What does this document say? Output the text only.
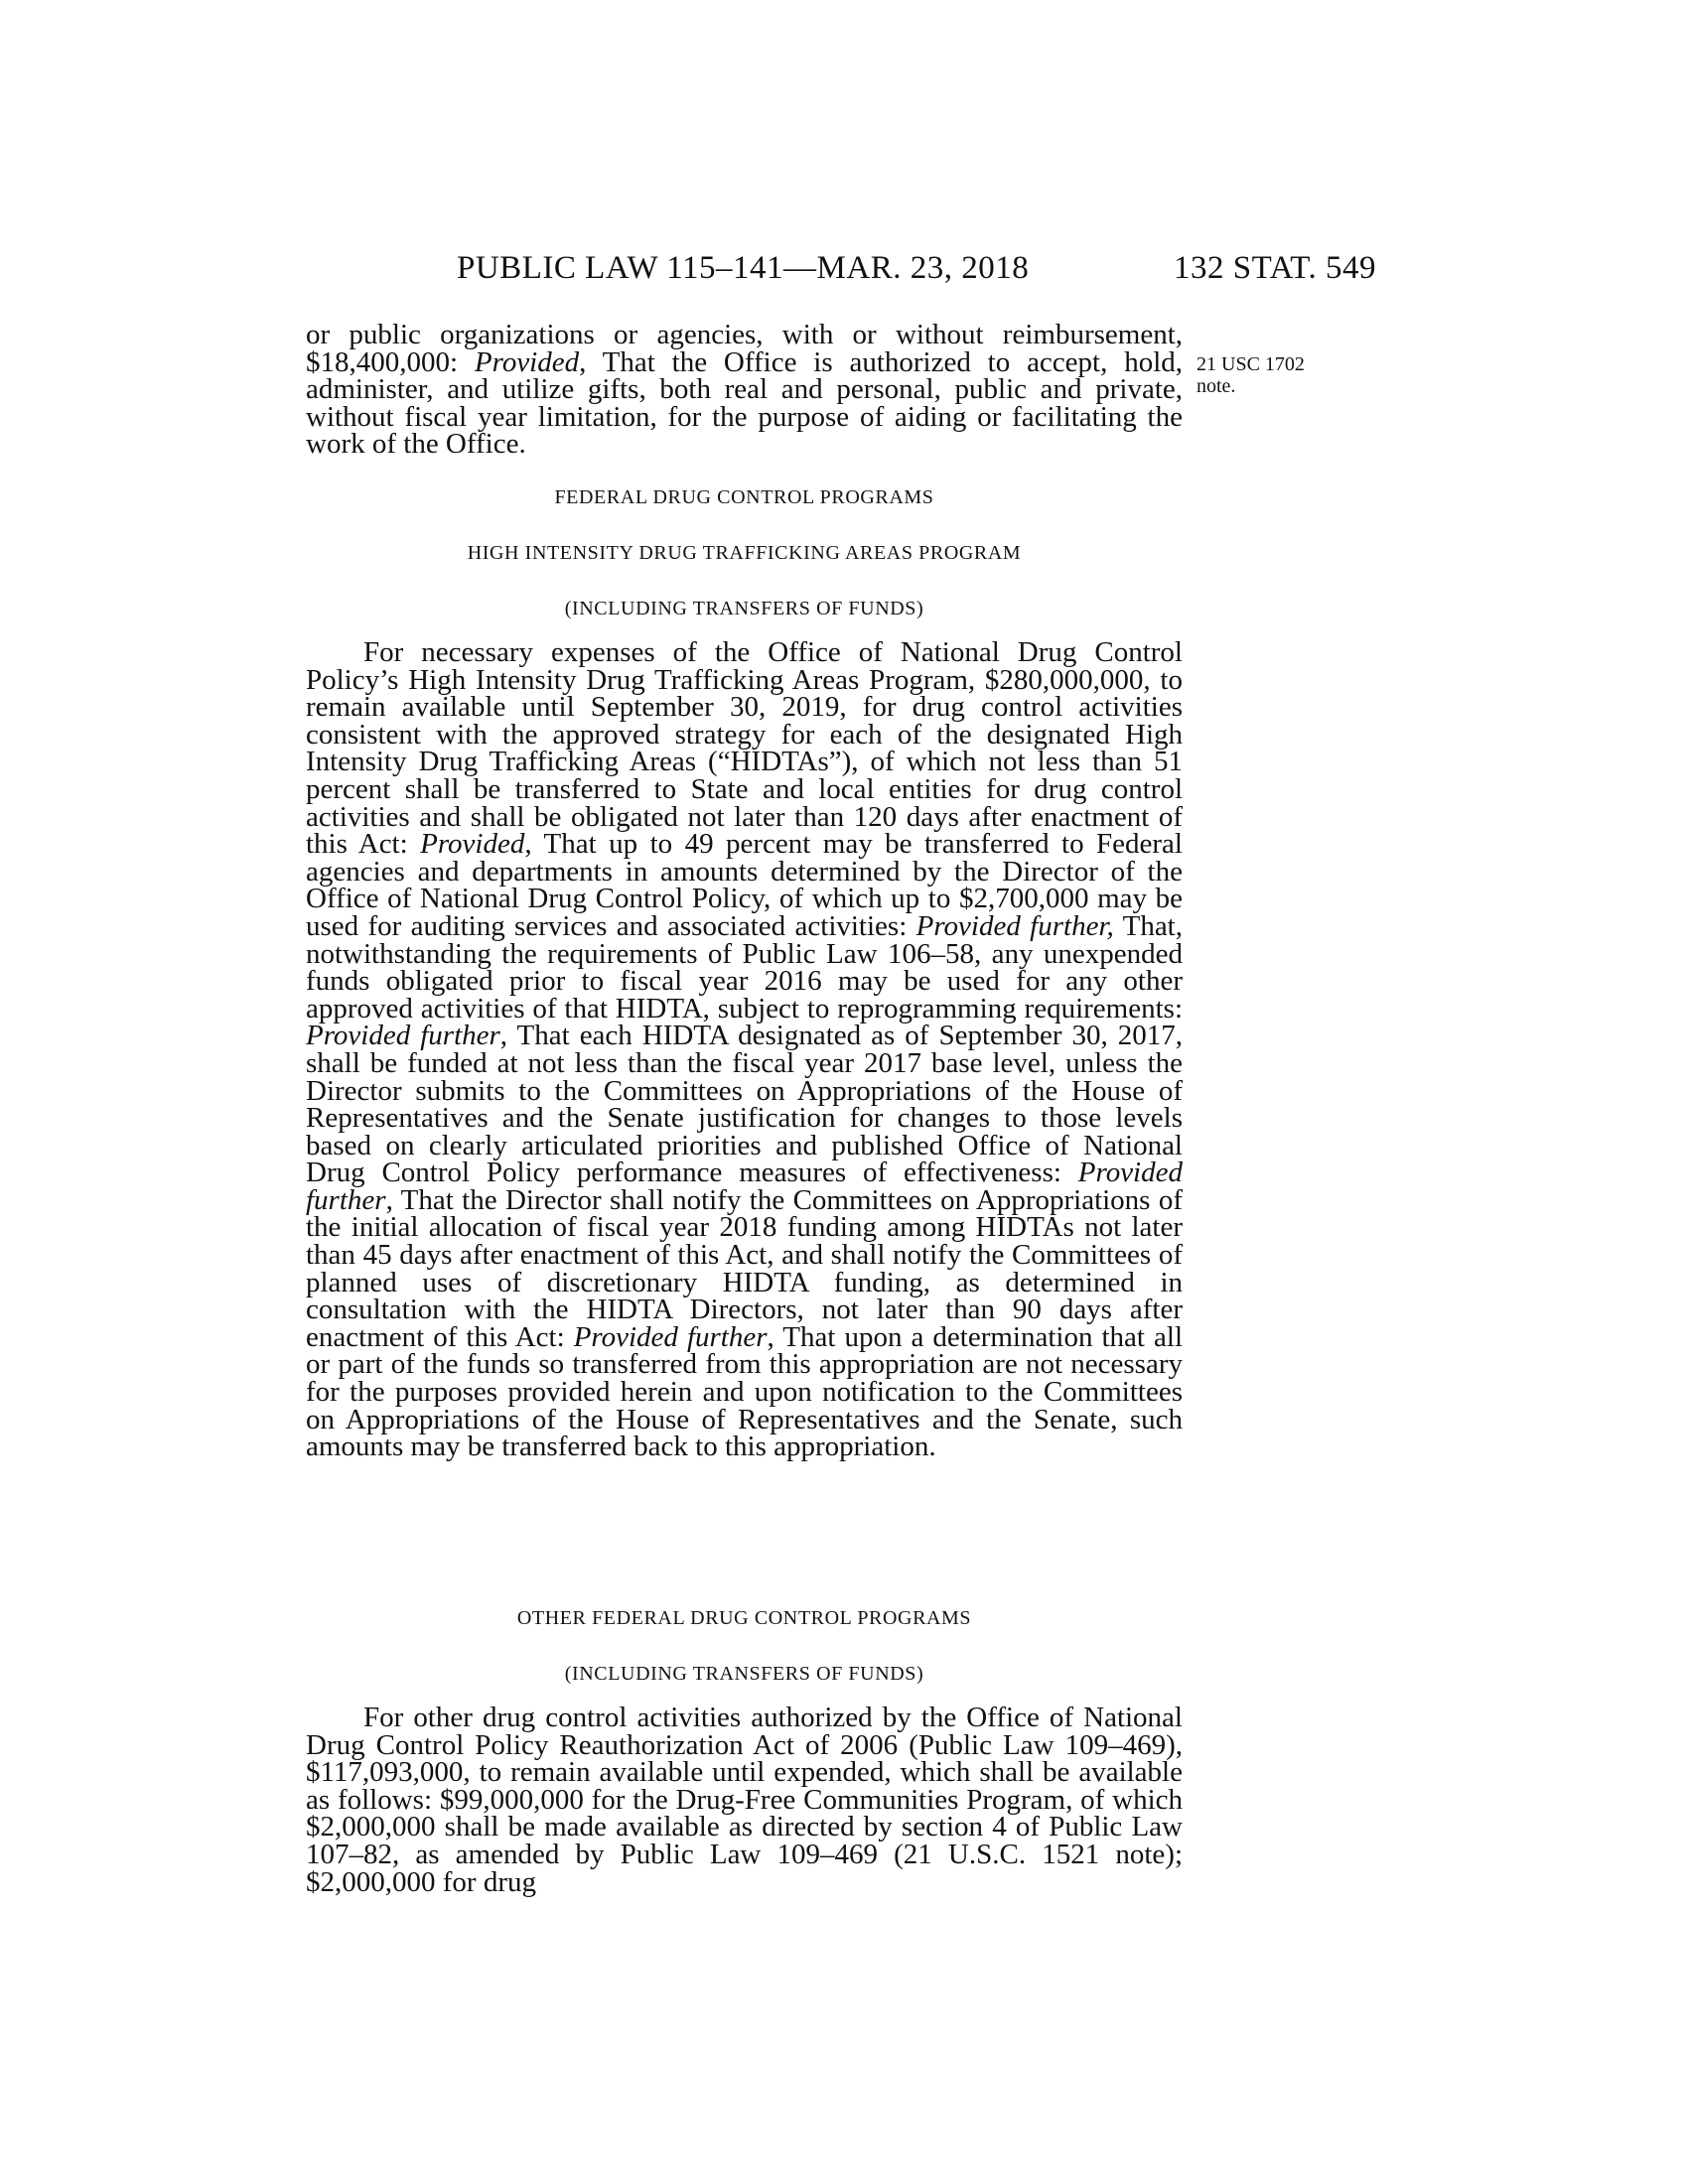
PUBLIC LAW 115–141—MAR. 23, 2018	132 STAT. 549
21 USC 1702
note.

or public organizations or agencies, with or without reimbursement, $18,400,000: Provided, That the Office is authorized to accept, hold, administer, and utilize gifts, both real and personal, public and private, without fiscal year limitation, for the purpose of aiding or facilitating the work of the Office.

FEDERAL DRUG CONTROL PROGRAMS
HIGH INTENSITY DRUG TRAFFICKING AREAS PROGRAM
(INCLUDING TRANSFERS OF FUNDS)

For necessary expenses of the Office of National Drug Control Policy’s High Intensity Drug Trafficking Areas Program, $280,000,000, to remain available until September 30, 2019, for drug control activities consistent with the approved strategy for each of the designated High Intensity Drug Trafficking Areas (“HIDTAs”), of which not less than 51 percent shall be transferred to State and local entities for drug control activities and shall be obligated not later than 120 days after enactment of this Act: Provided, That up to 49 percent may be transferred to Federal agencies and departments in amounts determined by the Director of the Office of National Drug Control Policy, of which up to $2,700,000 may be used for auditing services and associated activities: Provided further, That, notwithstanding the requirements of Public Law 106–58, any unexpended funds obligated prior to fiscal year 2016 may be used for any other approved activities of that HIDTA, subject to reprogramming requirements: Provided further, That each HIDTA designated as of September 30, 2017, shall be funded at not less than the fiscal year 2017 base level, unless the Director submits to the Committees on Appropriations of the House of Representatives and the Senate justification for changes to those levels based on clearly articulated priorities and published Office of National Drug Control Policy performance measures of effectiveness: Provided further, That the Director shall notify the Committees on Appropriations of the initial allocation of fiscal year 2018 funding among HIDTAs not later than 45 days after enactment of this Act, and shall notify the Committees of planned uses of discretionary HIDTA funding, as determined in consultation with the HIDTA Directors, not later than 90 days after enactment of this Act: Provided further, That upon a determination that all or part of the funds so transferred from this appropriation are not necessary for the purposes provided herein and upon notification to the Committees on Appropriations of the House of Representatives and the Senate, such amounts may be transferred back to this appropriation.

OTHER FEDERAL DRUG CONTROL PROGRAMS
(INCLUDING TRANSFERS OF FUNDS)

For other drug control activities authorized by the Office of National Drug Control Policy Reauthorization Act of 2006 (Public Law 109–469), $117,093,000, to remain available until expended, which shall be available as follows: $99,000,000 for the Drug-Free Communities Program, of which $2,000,000 shall be made available as directed by section 4 of Public Law 107–82, as amended by Public Law 109–469 (21 U.S.C. 1521 note); $2,000,000 for drug
